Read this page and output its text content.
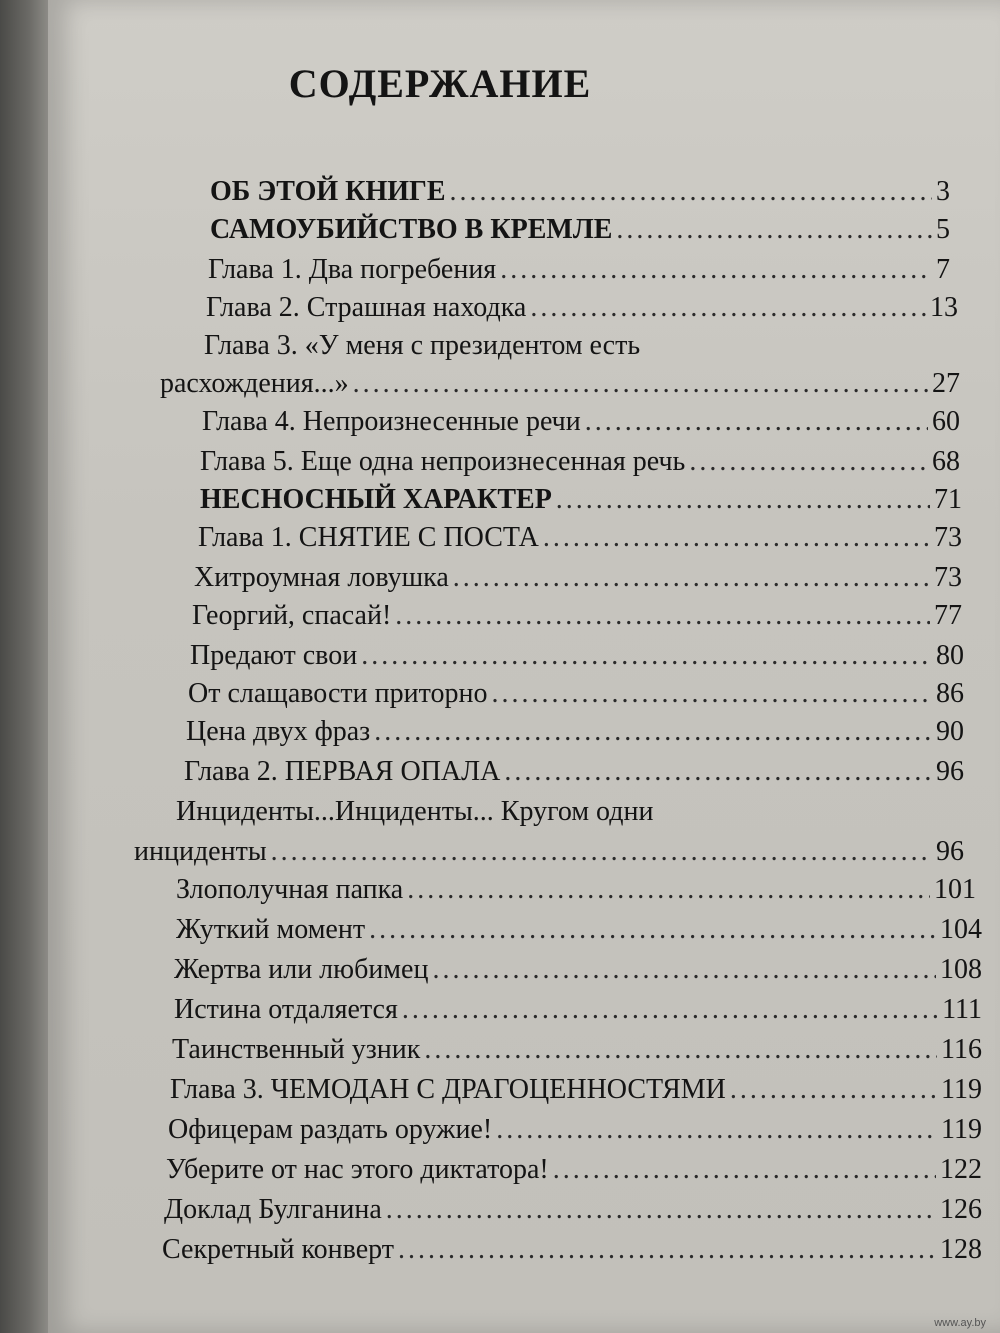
www.ay.by
СОДЕРЖАНИЕ
ОБ ЭТОЙ КНИГЕ .....	3
САМОУБИЙСТВО В КРЕМЛЕ .....	5
Глава 1. Два погребения .....	7
Глава 2. Страшная находка .....	13
Глава 3. «У меня с президентом есть
расхождения...» .....	27
Глава 4. Непроизнесенные речи .....	60
Глава 5. Еще одна непроизнесенная речь .....	68
НЕСНОСНЫЙ ХАРАКТЕР .....	71
Глава 1. СНЯТИЕ С ПОСТА .....	73
Хитроумная ловушка .....	73
Георгий, спасай! .....	77
Предают свои .....	80
От слащавости приторно .....	86
Цена двух фраз .....	90
Глава 2. ПЕРВАЯ ОПАЛА .....	96
Инциденты...Инциденты... Кругом одни
инциденты .....	96
Злополучная папка .....	101
Жуткий момент .....	104
Жертва или любимец .....	108
Истина отдаляется .....	111
Таинственный узник .....	116
Глава 3. ЧЕМОДАН С ДРАГОЦЕННОСТЯМИ .....	119
Офицерам раздать оружие! .....	119
Уберите от нас этого диктатора! .....	122
Доклад Булганина .....	126
Секретный конверт .....	128
